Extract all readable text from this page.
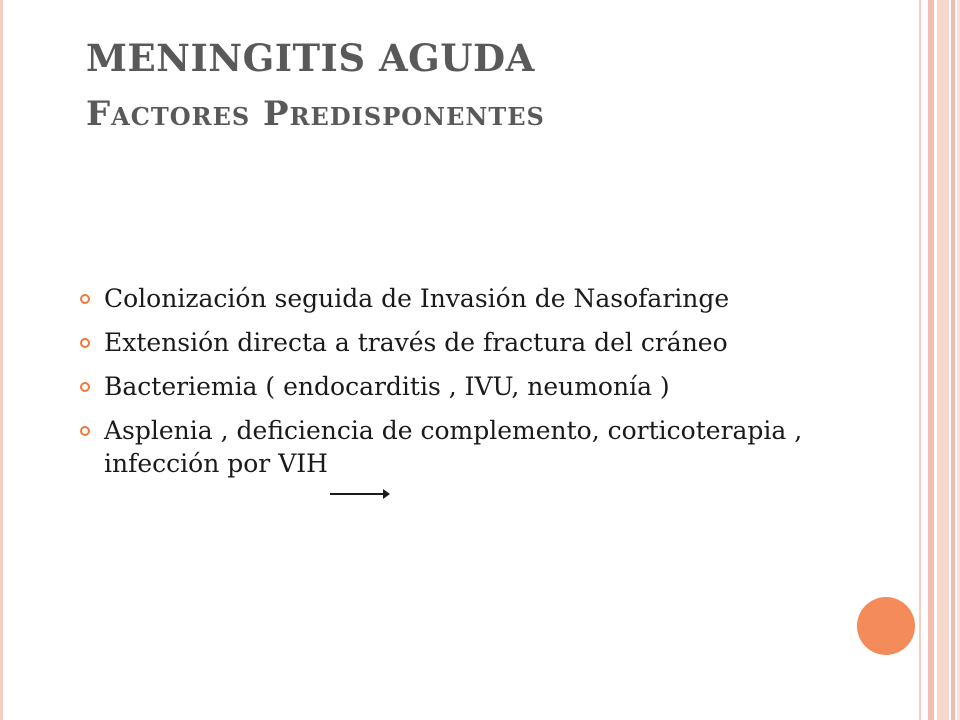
MENINGITIS AGUDA
Factores Predisponentes
Colonización seguida de Invasión de Nasofaringe
Extensión directa a través de fractura del cráneo
Bacteriemia ( endocarditis , IVU, neumonía )
Asplenia , deficiencia de complemento, corticoterapia , infección por VIH
